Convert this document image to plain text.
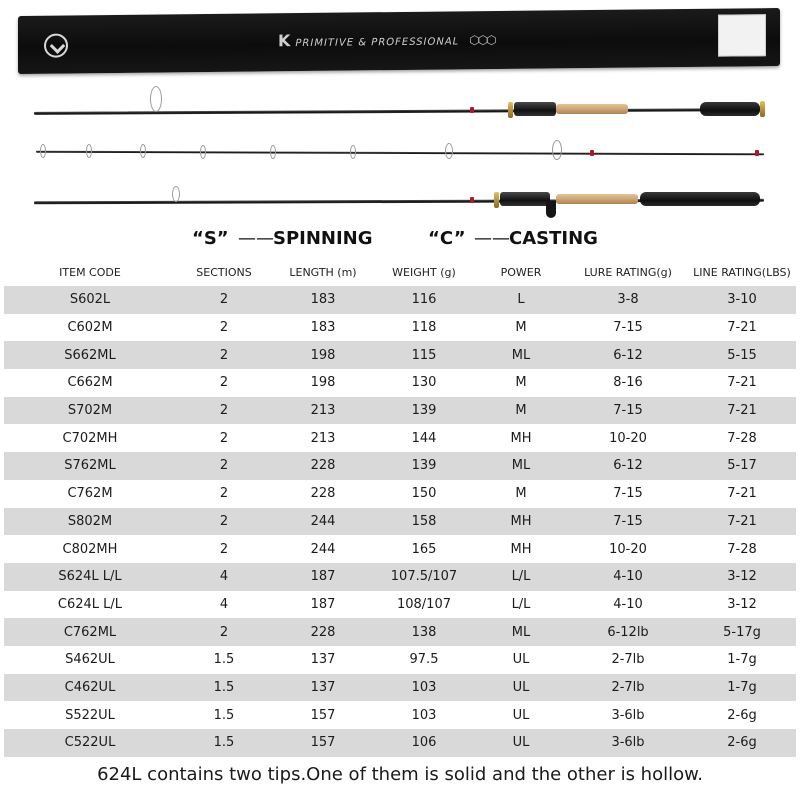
KPRIMITIVE & PROFESSIONAL ⬡⬡⬡
“S” —— SPINNING	“C” —— CASTING
ITEM CODE	SECTIONS	LENGTH (m)	WEIGHT (g)	POWER	LURE RATING(g)	LINE RATING(LBS)
S602L	2	183	116	L	3-8	3-10
C602M	2	183	118	M	7-15	7-21
S662ML	2	198	115	ML	6-12	5-15
C662M	2	198	130	M	8-16	7-21
S702M	2	213	139	M	7-15	7-21
C702MH	2	213	144	MH	10-20	7-28
S762ML	2	228	139	ML	6-12	5-17
C762M	2	228	150	M	7-15	7-21
S802M	2	244	158	MH	7-15	7-21
C802MH	2	244	165	MH	10-20	7-28
S624L L/L	4	187	107.5/107	L/L	4-10	3-12
C624L L/L	4	187	108/107	L/L	4-10	3-12
C762ML	2	228	138	ML	6-12lb	5-17g
S462UL	1.5	137	97.5	UL	2-7lb	1-7g
C462UL	1.5	137	103	UL	2-7lb	1-7g
S522UL	1.5	157	103	UL	3-6lb	2-6g
C522UL	1.5	157	106	UL	3-6lb	2-6g
624L contains two tips.One of them is solid and the other is hollow.
